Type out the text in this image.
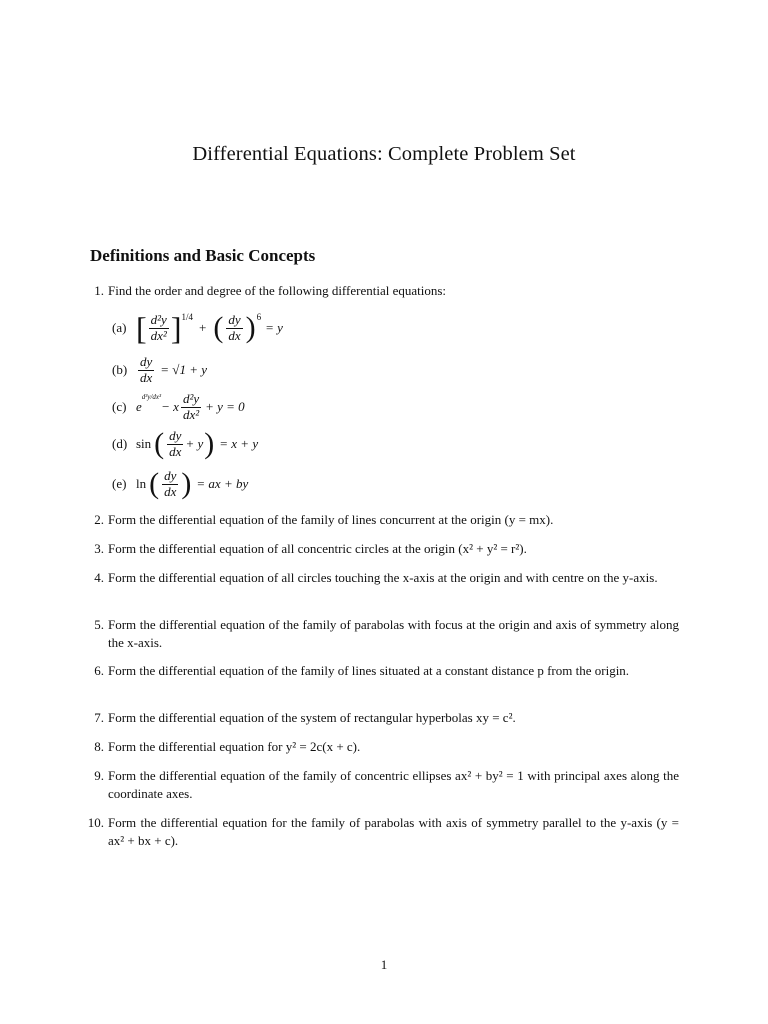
Differential Equations: Complete Problem Set
Definitions and Basic Concepts
1. Find the order and degree of the following differential equations:
(a) [ $\frac{\text{d²y}}{\text{dx²}} ]^{1/4}$
+ ( $\frac{dy}{dx} )^6$
= y
$(b) \frac{dy}{dx} = √1 + y$
(c) e
$^{d^3y/dx^3}$
− x $\frac{\text{d²y}}{\text{dx²}} + y = 0$
(d) sin ( $\frac{dy}{dx} + y$ ) = x + y
(e) ln ( $\frac{dy}{dx}$ ) = ax + by
2. Form the differential equation of the family of lines concurrent at the origin (y = mx).
3. Form the differential equation of all concentric circles at the origin (x² + y² = r²).
4. Form the differential equation of all circles touching the x-axis at the origin and with centre on the y-axis.
5. Form the differential equation of the family of parabolas with focus at the origin and axis of symmetry along the x-axis.
6. Form the differential equation of the family of lines situated at a constant distance p from the origin.
7. Form the differential equation of the system of rectangular hyperbolas xy = c².
8. Form the differential equation for y² = 2c(x + c).
9. Form the differential equation of the family of concentric ellipses ax² + by² = 1 with principal axes along the coordinate axes.
10. Form the differential equation for the family of parabolas with axis of symmetry parallel to the y-axis (y = ax² + bx + c).
1
